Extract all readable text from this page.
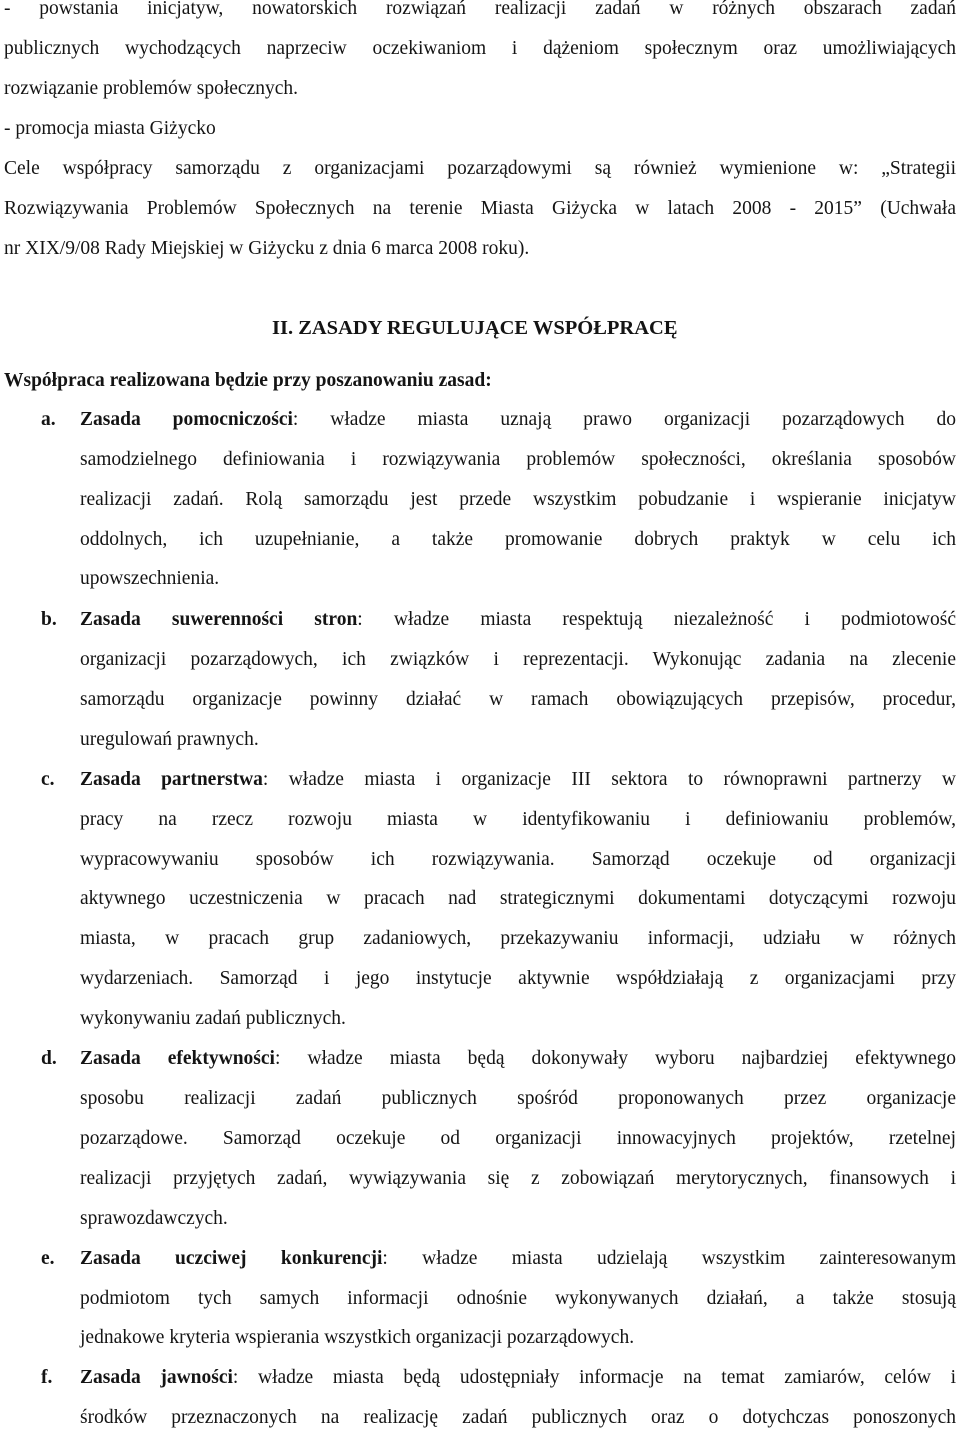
- powstania inicjatyw, nowatorskich rozwiązań realizacji zadań w różnych obszarach zadań

publicznych wychodzących naprzeciw oczekiwaniom i dążeniom społecznym oraz umożliwiających

rozwiązanie problemów społecznych.

- promocja miasta Giżycko

Cele współpracy samorządu z organizacjami pozarządowymi są również wymienione w: „Strategii

Rozwiązywania Problemów Społecznych na terenie Miasta Giżycka w latach 2008 - 2015” (Uchwała

nr XIX/9/08 Rady Miejskiej w Giżycku z dnia 6 marca 2008 roku).

II. ZASADY REGULUJĄCE WSPÓŁPRACĘ

Współpraca realizowana będzie przy poszanowaniu zasad:

a. Zasada pomocniczości: władze miasta uznają prawo organizacji pozarządowych do

samodzielnego definiowania i rozwiązywania problemów społeczności, określania sposobów

realizacji zadań. Rolą samorządu jest przede wszystkim pobudzanie i wspieranie inicjatyw

oddolnych, ich uzupełnianie, a także promowanie dobrych praktyk w celu ich

upowszechnienia.

b. Zasada suwerenności stron: władze miasta respektują niezależność i podmiotowość

organizacji pozarządowych, ich związków i reprezentacji. Wykonując zadania na zlecenie

samorządu organizacje powinny działać w ramach obowiązujących przepisów, procedur,

uregulowań prawnych.

c. Zasada partnerstwa: władze miasta i organizacje III sektora to równoprawni partnerzy w

pracy na rzecz rozwoju miasta w identyfikowaniu i definiowaniu problemów,

wypracowywaniu sposobów ich rozwiązywania. Samorząd oczekuje od organizacji

aktywnego uczestniczenia w pracach nad strategicznymi dokumentami dotyczącymi rozwoju

miasta, w pracach grup zadaniowych, przekazywaniu informacji, udziału w różnych

wydarzeniach. Samorząd i jego instytucje aktywnie współdziałają z organizacjami przy

wykonywaniu zadań publicznych.

d. Zasada efektywności: władze miasta będą dokonywały wyboru najbardziej efektywnego

sposobu realizacji zadań publicznych spośród proponowanych przez organizacje

pozarządowe. Samorząd oczekuje od organizacji innowacyjnych projektów, rzetelnej

realizacji przyjętych zadań, wywiązywania się z zobowiązań merytorycznych, finansowych i

sprawozdawczych.

e. Zasada uczciwej konkurencji: władze miasta udzielają wszystkim zainteresowanym

podmiotom tych samych informacji odnośnie wykonywanych działań, a także stosują

jednakowe kryteria wspierania wszystkich organizacji pozarządowych.

f. Zasada jawności: władze miasta będą udostępniały informacje na temat zamiarów, celów i

środków przeznaczonych na realizację zadań publicznych oraz o dotychczas ponoszonych
